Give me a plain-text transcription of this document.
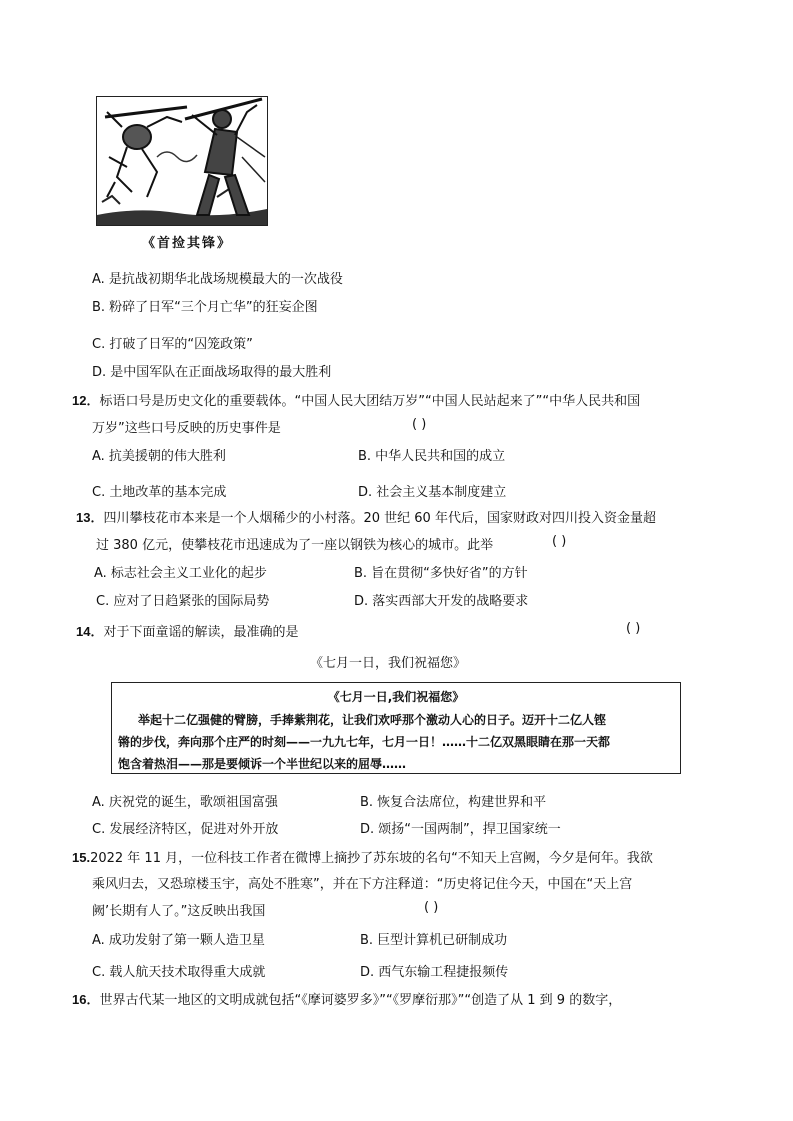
《首捡其锋》
A. 是抗战初期华北战场规模最大的一次战役
B. 粉碎了日军“三个月亡华”的狂妄企图
C. 打破了日军的“囚笼政策”
D. 是中国军队在正面战场取得的最大胜利
12．标语口号是历史文化的重要载体。“中国人民大团结万岁”“中国人民站起来了”“中华人民共和国
万岁”这些口号反映的历史事件是	( )
A. 抗美援朝的伟大胜利	B. 中华人民共和国的成立
C. 土地改革的基本完成	D. 社会主义基本制度建立
13．四川攀枝花市本来是一个人烟稀少的小村落。20 世纪 60 年代后，国家财政对四川投入资金量超
过 380 亿元，使攀枝花市迅速成为了一座以钢铁为核心的城市。此举	( )
A. 标志社会主义工业化的起步	B. 旨在贯彻“多快好省”的方针
C. 应对了日趋紧张的国际局势	D. 落实西部大开发的战略要求
14．对于下面童谣的解读，最准确的是	( )
《七月一日，我们祝福您》
《七月一日,我们祝福您》
举起十二亿强健的臂膀，手捧紫荆花，让我们欢呼那个激动人心的日子。迈开十二亿人铿
锵的步伐，奔向那个庄严的时刻——一九九七年，七月一日！……十二亿双黑眼睛在那一天都
饱含着热泪——那是要倾诉一个半世纪以来的屈辱……
A. 庆祝党的诞生，歌颂祖国富强	B. 恢复合法席位，构建世界和平
C. 发展经济特区，促进对外开放	D. 颂扬“一国两制”，捍卫国家统一
15.2022 年 11 月，一位科技工作者在微博上摘抄了苏东坡的名句“不知天上宫阙，今夕是何年。我欲
乘风归去，又恐琼楼玉宇，高处不胜寒”，并在下方注释道：“历史将记住今天，中国在“天上宫
阙’长期有人了。”这反映出我国	( )
A. 成功发射了第一颗人造卫星	B. 巨型计算机已研制成功
C. 载人航天技术取得重大成就	D. 西气东输工程捷报频传
16．世界古代某一地区的文明成就包括“《摩诃婆罗多》”“《罗摩衍那》”“创造了从 1 到 9 的数字，
